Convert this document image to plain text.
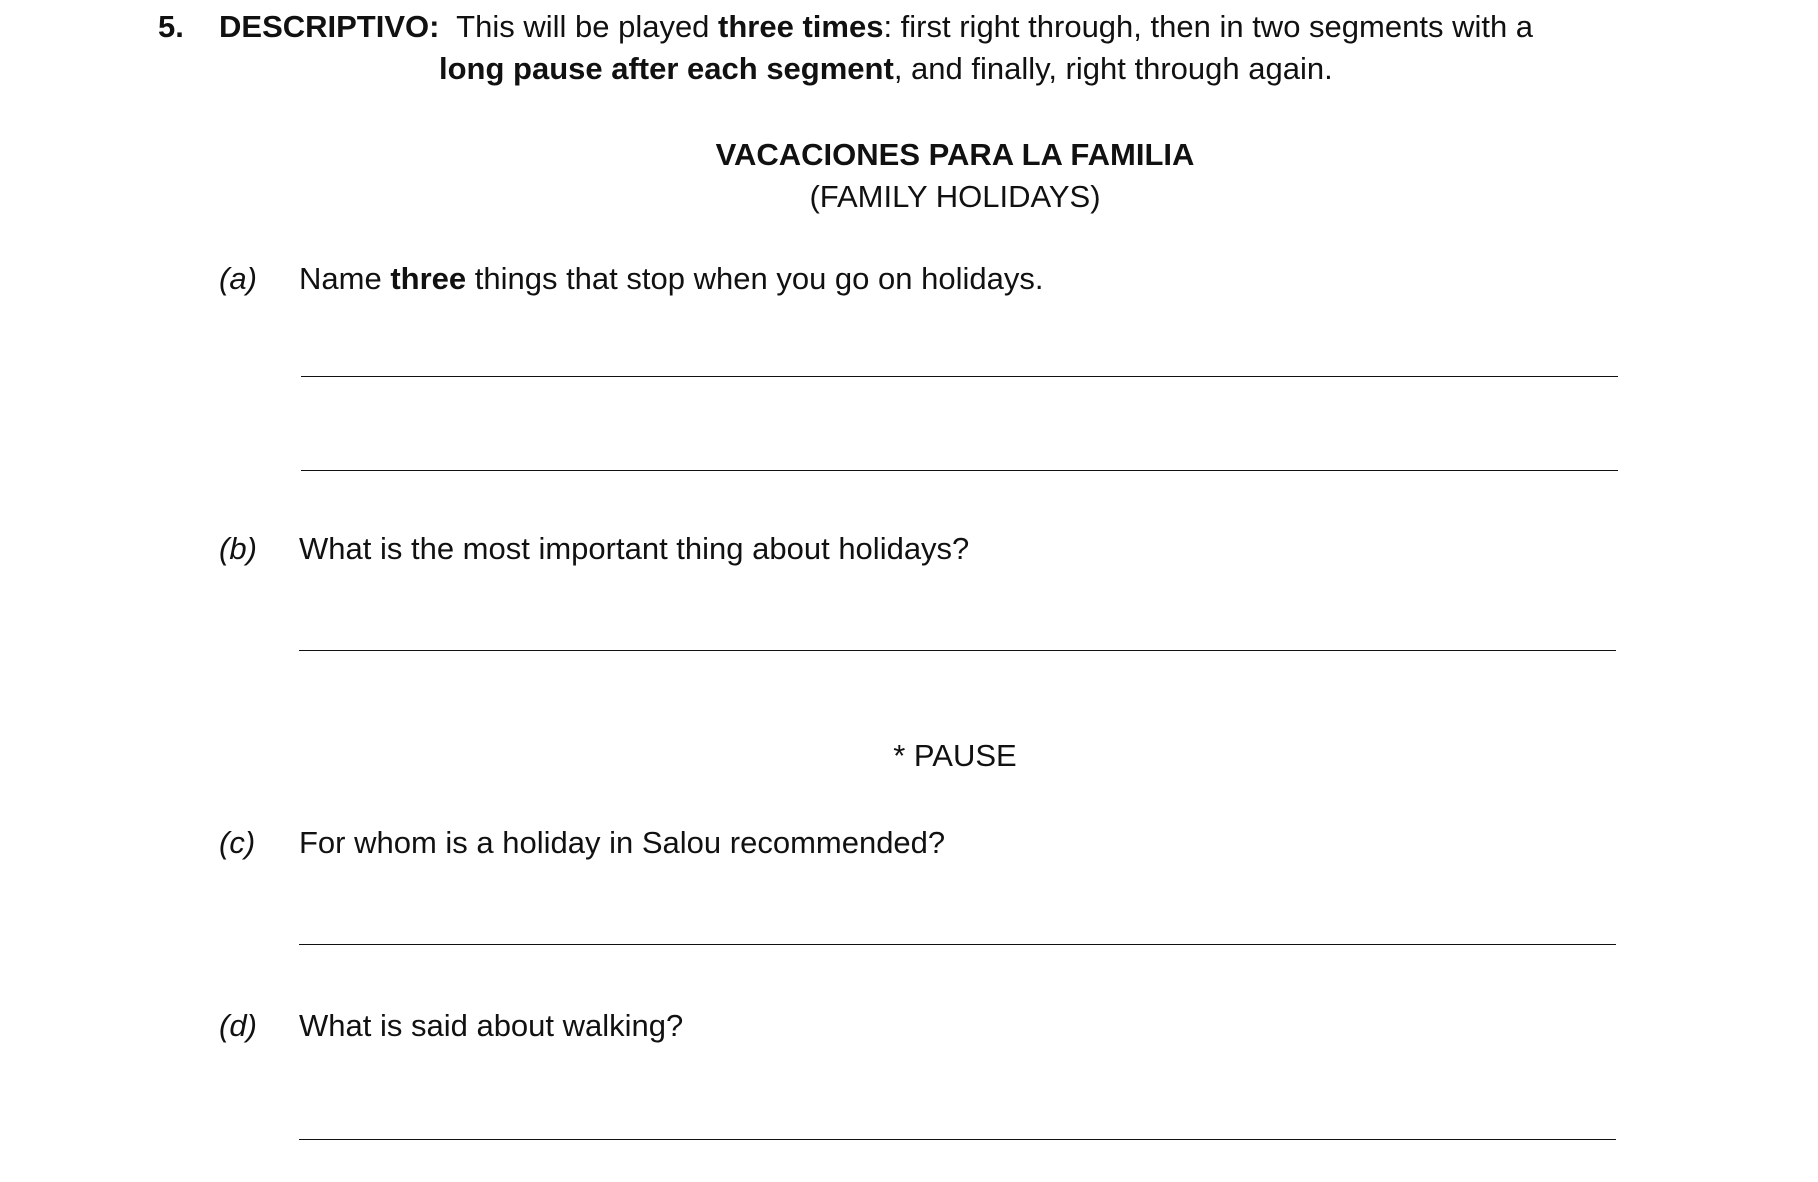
5. DESCRIPTIVO: This will be played three times: first right through, then in two segments with a
long pause after each segment, and finally, right through again.
VACACIONES PARA LA FAMILIA
(FAMILY HOLIDAYS)
(a) Name three things that stop when you go on holidays.
(b) What is the most important thing about holidays?
* PAUSE
(c) For whom is a holiday in Salou recommended?
(d) What is said about walking?
